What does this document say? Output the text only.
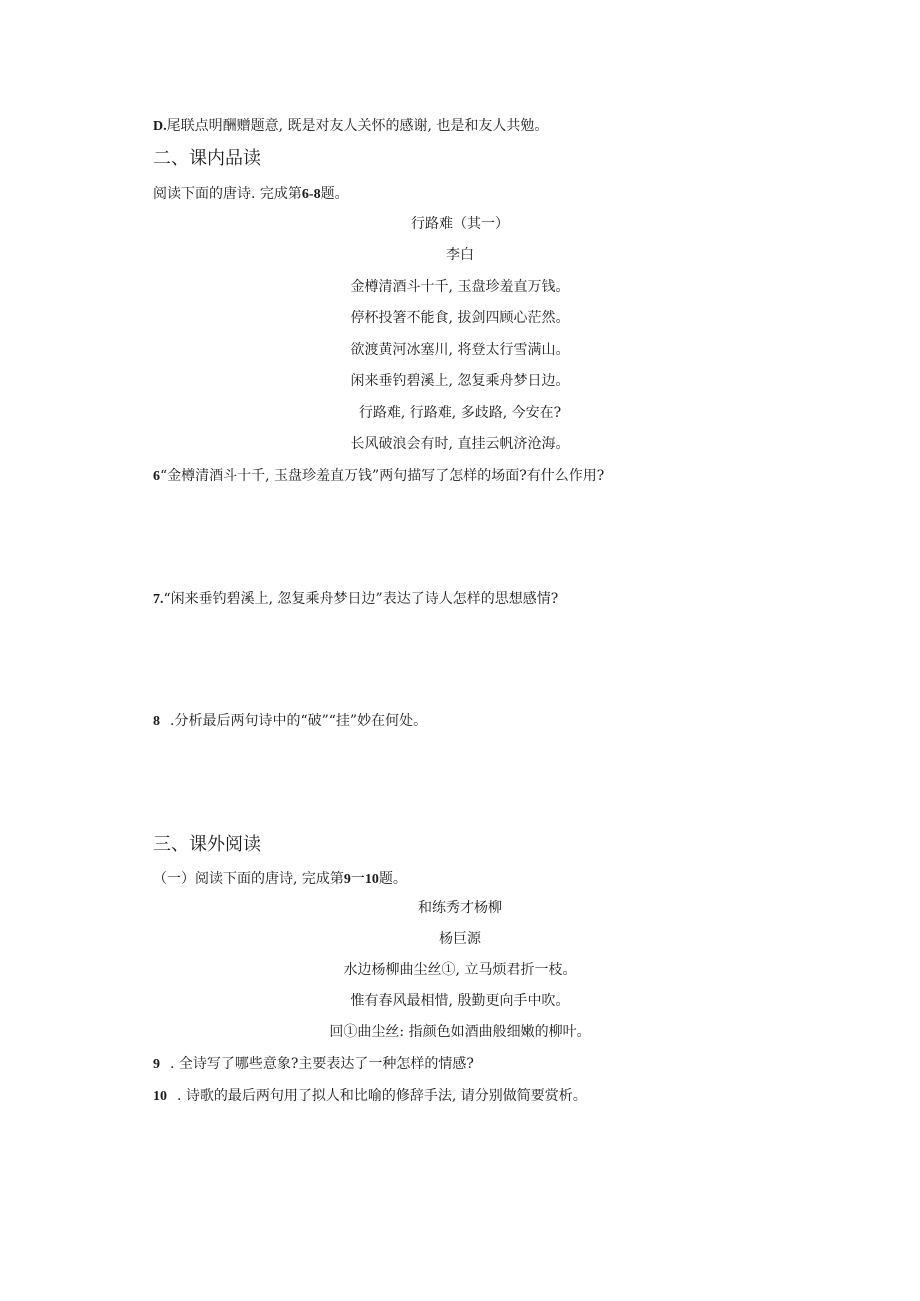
D.尾联点明酬赠题意, 既是对友人关怀的感谢, 也是和友人共勉。
二、课内品读
阅读下面的唐诗. 完成第6-8题。
行路难（其一）
李白
金樽清酒斗十千, 玉盘珍羞直万钱。
停杯投箸不能食, 拔剑四顾心茫然。
欲渡黄河冰塞川, 将登太行雪满山。
闲来垂钓碧溪上, 忽复乘舟梦日边。
行路难, 行路难, 多歧路, 今安在?
长风破浪会有时, 直挂云帆济沧海。
6“金樽清酒斗十千, 玉盘珍羞直万钱”两句描写了怎样的场面?有什么作用?
7.“闲来垂钓碧溪上, 忽复乘舟梦日边”表达了诗人怎样的思想感情?
8 .分析最后两句诗中的“破”“挂”妙在何处。
三、课外阅读
（一）阅读下面的唐诗, 完成第9一10题。
和练秀才杨柳
杨巨源
水边杨柳曲尘丝①, 立马烦君折一枝。
惟有春风最相惜, 殷勤更向手中吹。
回①曲尘丝: 指颜色如酒曲般细嫩的柳叶。
9 . 全诗写了哪些意象?主要表达了一种怎样的情感?
10 . 诗歌的最后两句用了拟人和比喻的修辞手法, 请分别做简要赏析。
